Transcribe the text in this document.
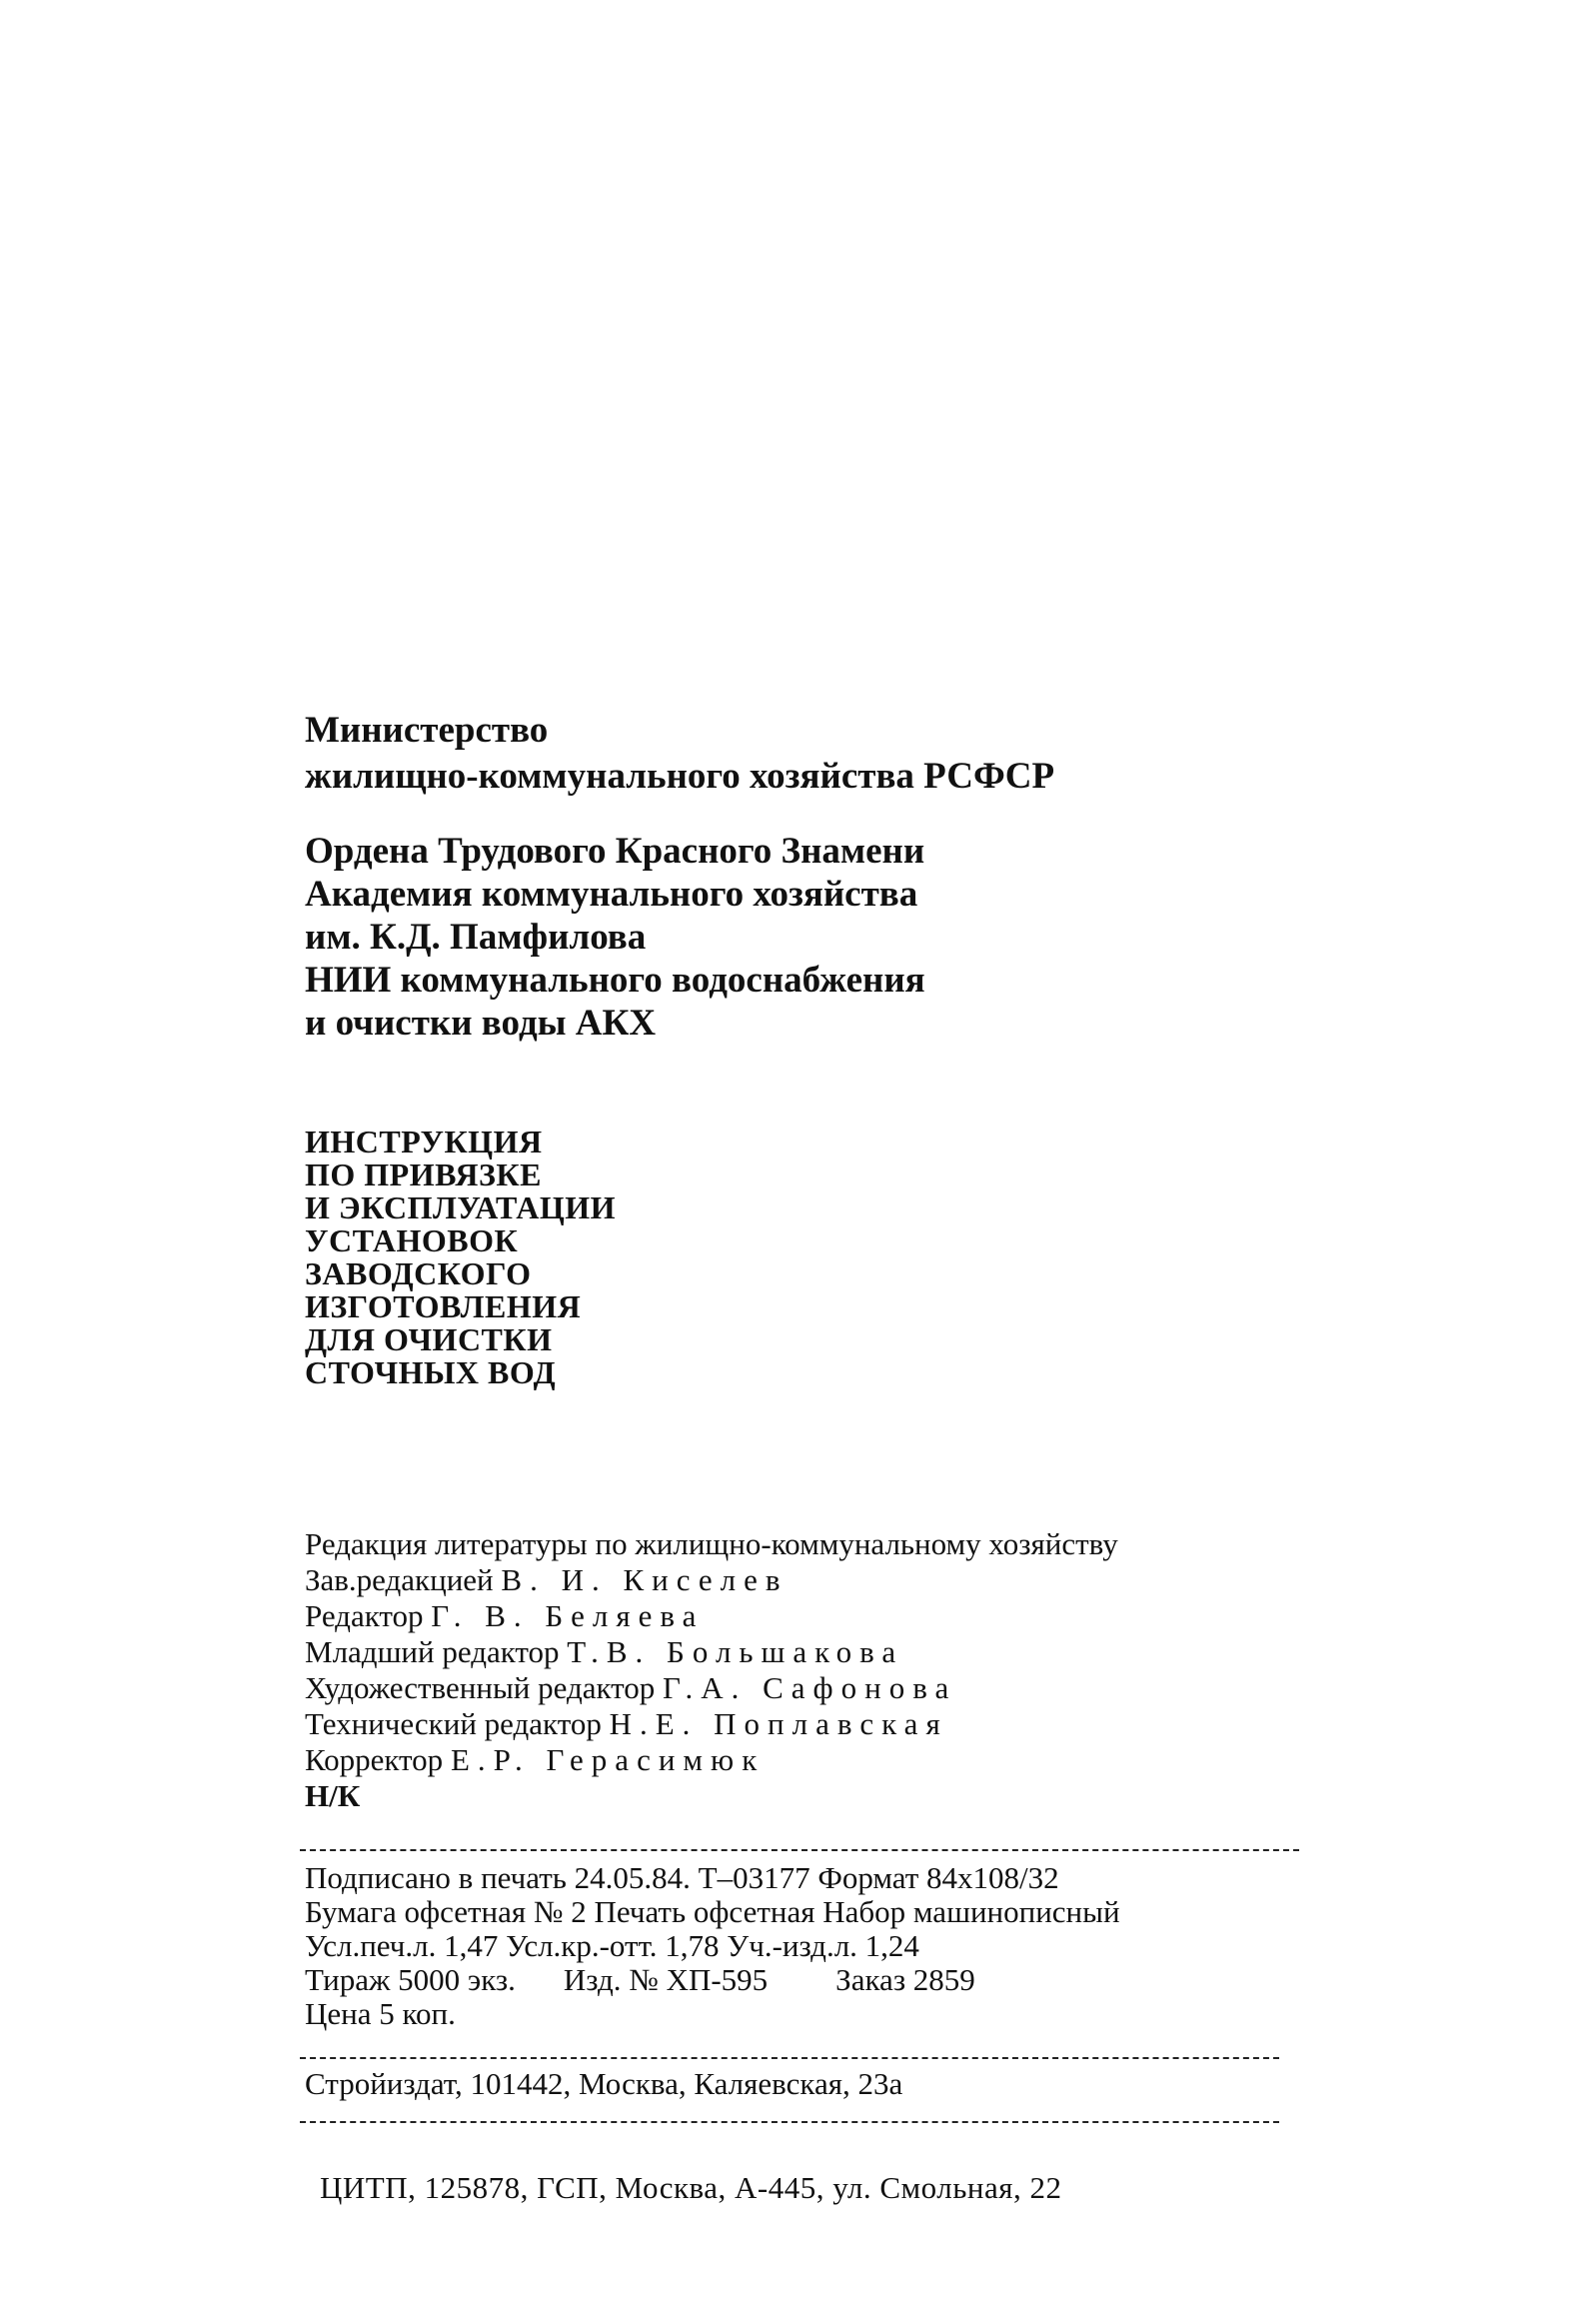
Министерство
жилищно-коммунального хозяйства РСФСР
Ордена Трудового Красного Знамени
Академия коммунального хозяйства
им. К.Д. Памфилова
НИИ коммунального водоснабжения
и очистки воды АКХ
ИНСТРУКЦИЯ
ПО ПРИВЯЗКЕ
И ЭКСПЛУАТАЦИИ
УСТАНОВОК
ЗАВОДСКОГО
ИЗГОТОВЛЕНИЯ
ДЛЯ ОЧИСТКИ
СТОЧНЫХ ВОД
Редакция литературы по жилищно-коммунальному хозяйству
Зав.редакцией В. И. Киселев
Редактор Г. В. Беляева
Младший редактор Т.В. Большакова
Художественный редактор Г.А. Сафонова
Технический редактор Н.Е. Поплавская
Корректор Е.Р. Герасимюк
Н/К
Подписано в печать 24.05.84. Т–03177 Формат 84х108/32
Бумага офсетная № 2 Печать офсетная Набор машинописный
Усл.печ.л. 1,47 Усл.кр.-отт. 1,78 Уч.-изд.л. 1,24
Тираж 5000 экз. Изд. № ХП-595 Заказ 2859
Цена 5 коп.
Стройиздат, 101442, Москва, Каляевская, 23а
ЦИТП, 125878, ГСП, Москва, А-445, ул. Смольная, 22
